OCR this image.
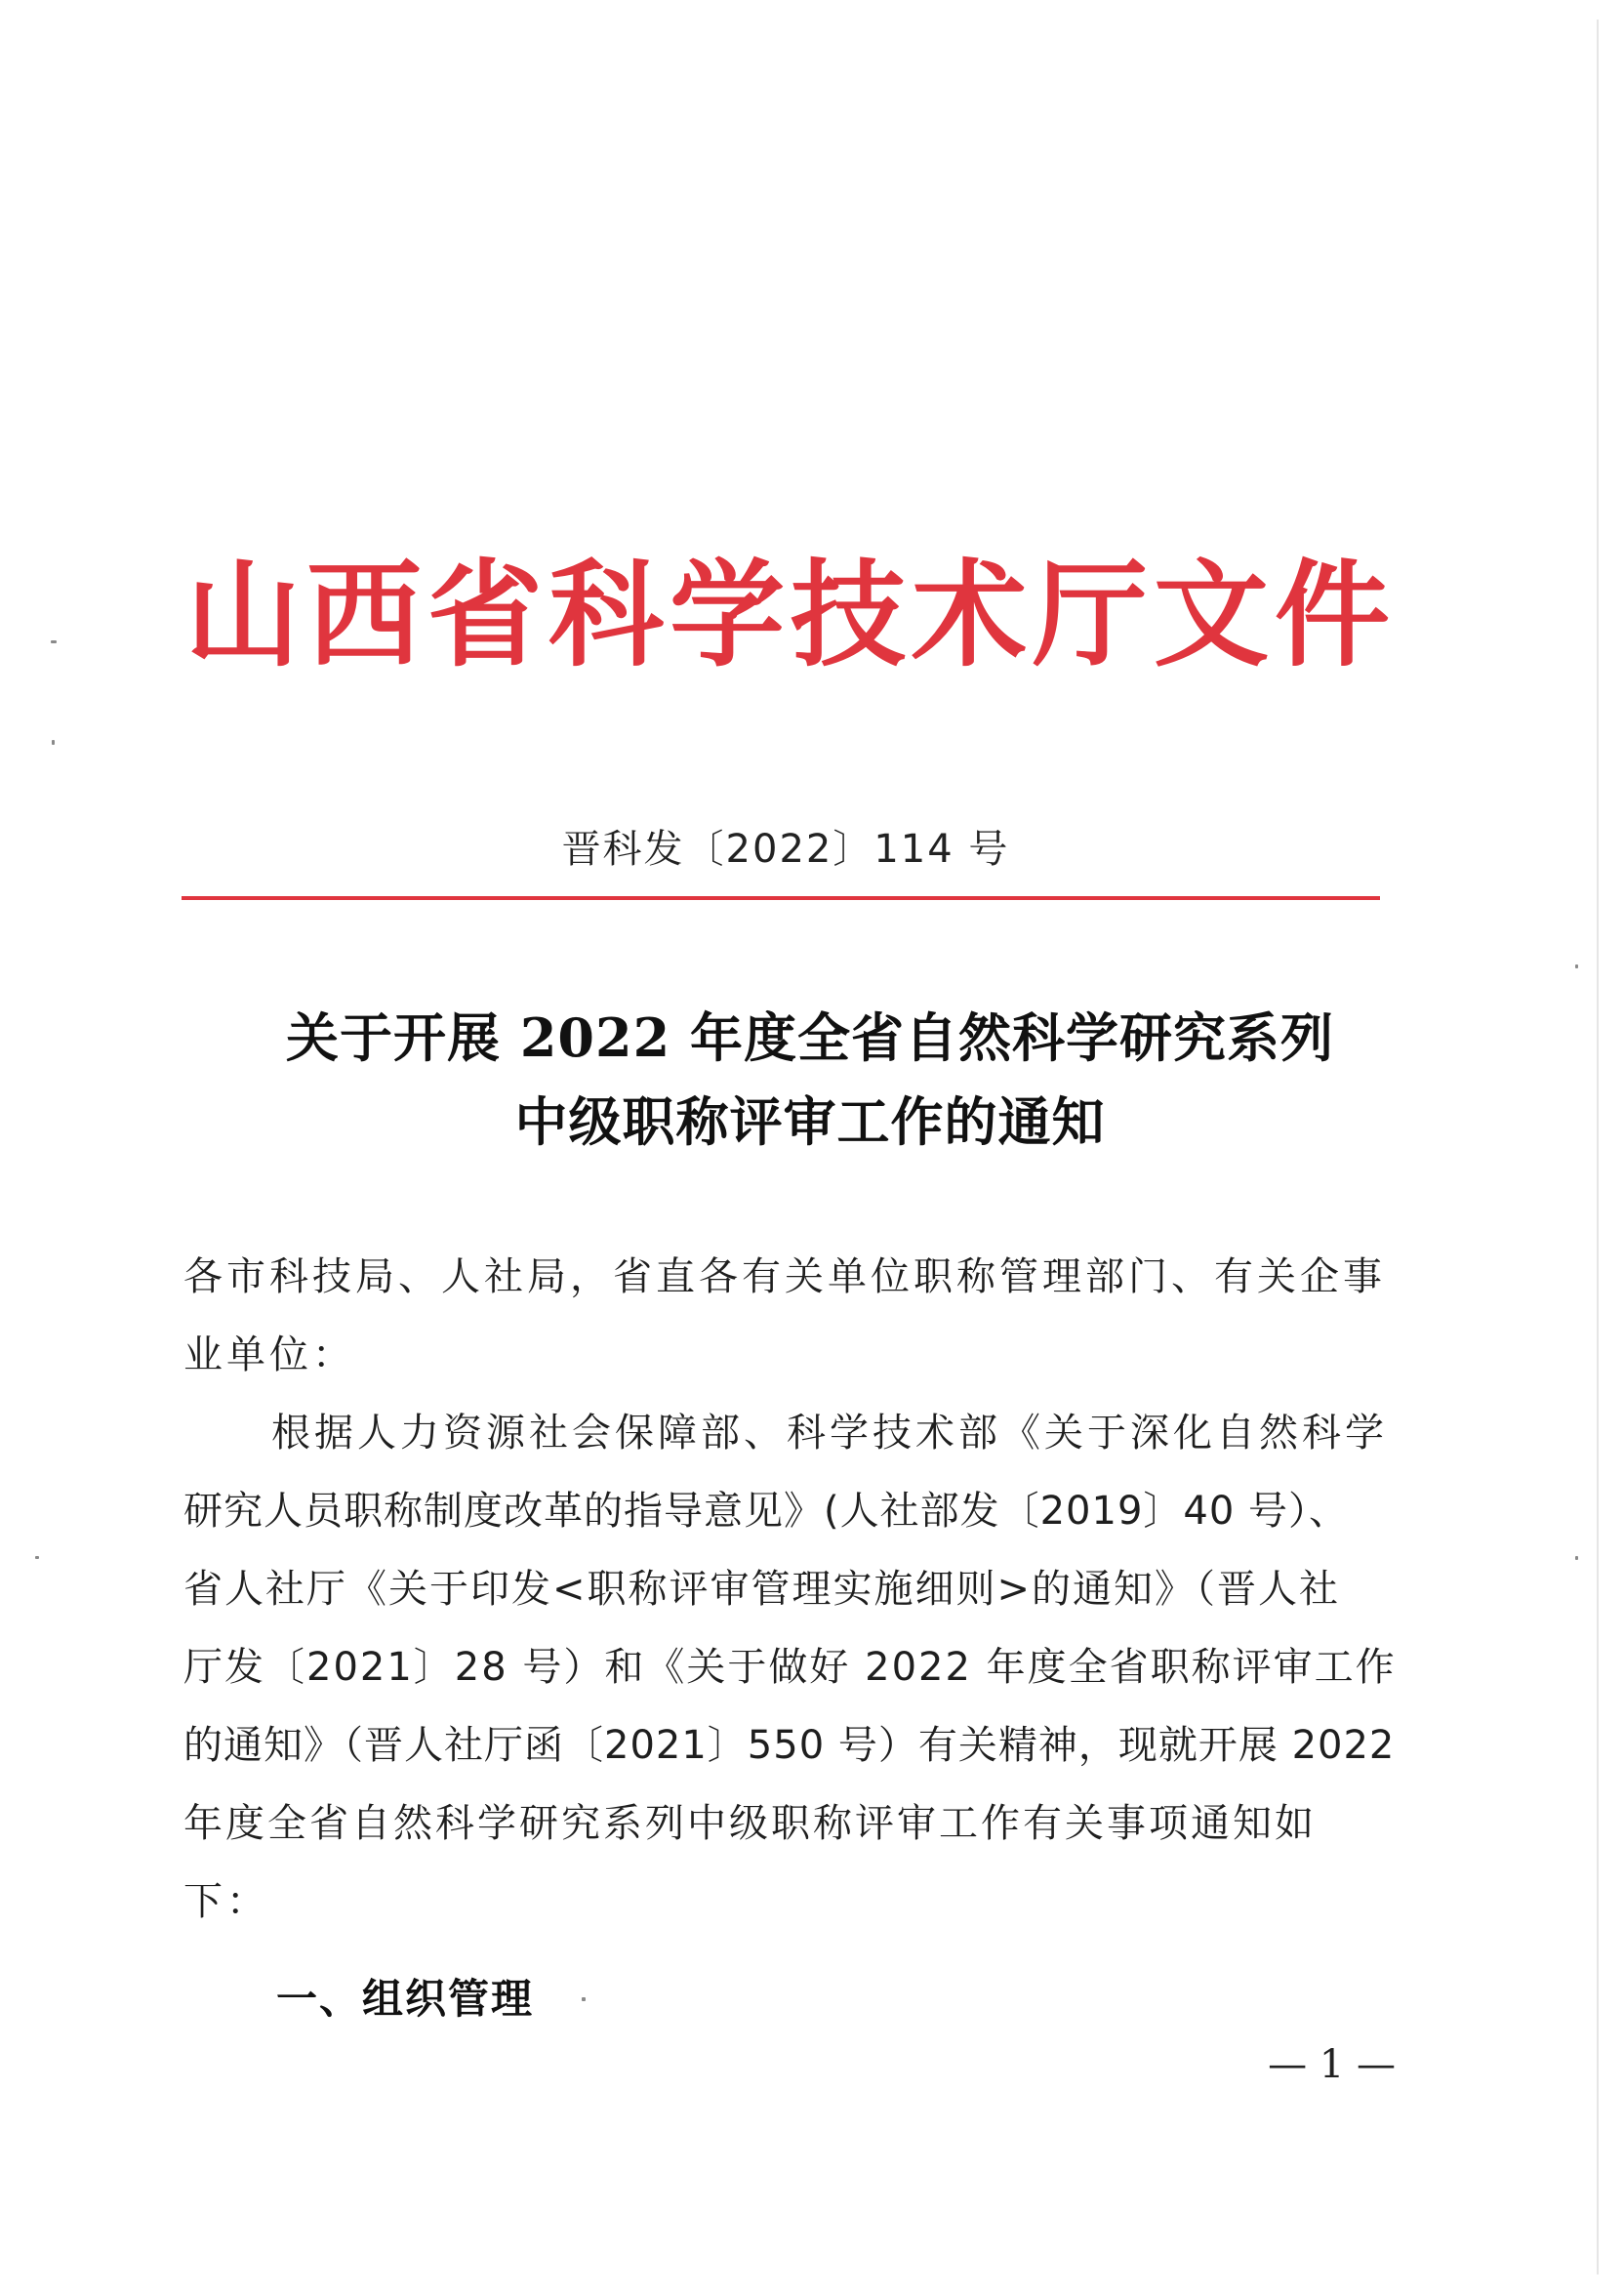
山西省科学技术厅文件
晋科发〔2022〕114 号
关于开展 2022 年度全省自然科学研究系列
中级职称评审工作的通知
各市科技局、人社局，省直各有关单位职称管理部门、有关企事
业单位：
根据人力资源社会保障部、科学技术部《关于深化自然科学
研究人员职称制度改革的指导意见》(人社部发〔2019〕40 号）、
省人社厅《关于印发<职称评审管理实施细则>的通知》（晋人社
厅发〔2021〕28 号）和《关于做好 2022 年度全省职称评审工作
的通知》（晋人社厅函〔2021〕550 号）有关精神，现就开展 2022
年度全省自然科学研究系列中级职称评审工作有关事项通知如
下：
一、组织管理
— 1 —
